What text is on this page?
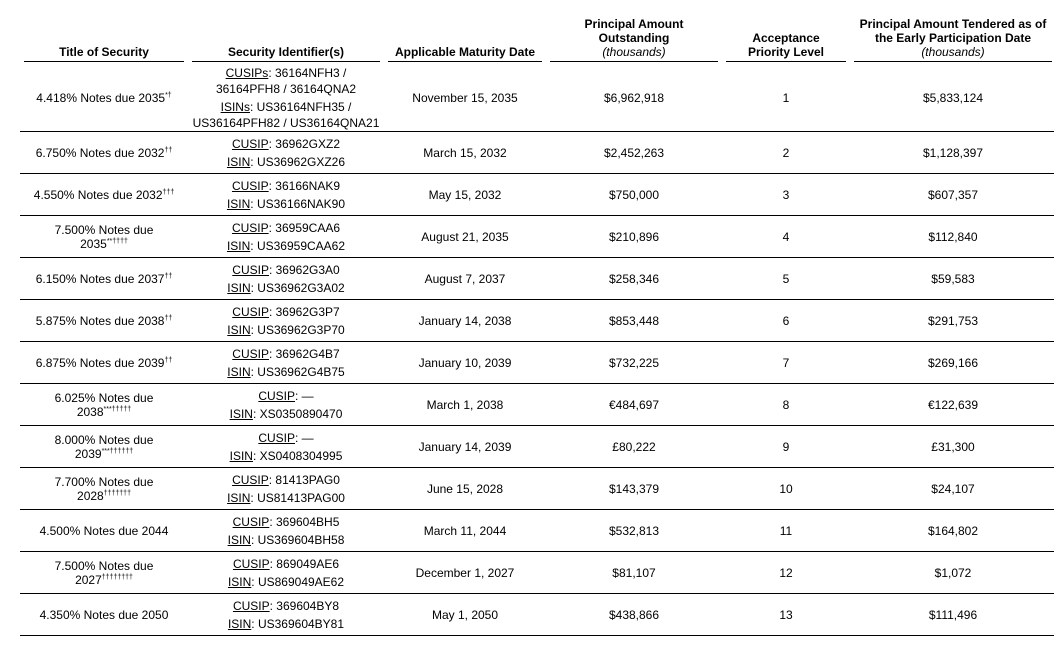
Title of Security	Security Identifier(s)	Applicable Maturity Date	Principal Amount
Outstanding
(thousands)	Acceptance
Priority Level	Principal Amount Tendered as of
the Early Participation Date
(thousands)

4.418% Notes due 2035*†	CUSIPs: 36164NFH3 /
36164PFH8 / 36164QNA2
ISINs: US36164NFH35 /
US36164PFH82 / US36164QNA21	November 15, 2035	$6,962,918	1	$5,833,124
6.750% Notes due 2032††	CUSIP: 36962GXZ2
ISIN: US36962GXZ26	March 15, 2032	$2,452,263	2	$1,128,397
4.550% Notes due 2032†††	CUSIP: 36166NAK9
ISIN: US36166NAK90	May 15, 2032	$750,000	3	$607,357
7.500% Notes due 2035**††††	CUSIP: 36959CAA6
ISIN: US36959CAA62	August 21, 2035	$210,896	4	$112,840
6.150% Notes due 2037††	CUSIP: 36962G3A0
ISIN: US36962G3A02	August 7, 2037	$258,346	5	$59,583
5.875% Notes due 2038††	CUSIP: 36962G3P7
ISIN: US36962G3P70	January 14, 2038	$853,448	6	$291,753
6.875% Notes due 2039††	CUSIP: 36962G4B7
ISIN: US36962G4B75	January 10, 2039	$732,225	7	$269,166
6.025% Notes due 2038***†††††	CUSIP: —
ISIN: XS0350890470	March 1, 2038	€484,697	8	€122,639
8.000% Notes due 2039***††††††	CUSIP: —
ISIN: XS0408304995	January 14, 2039	£80,222	9	£31,300
7.700% Notes due 2028†††††††	CUSIP: 81413PAG0
ISIN: US81413PAG00	June 15, 2028	$143,379	10	$24,107
4.500% Notes due 2044	CUSIP: 369604BH5
ISIN: US369604BH58	March 11, 2044	$532,813	11	$164,802
7.500% Notes due 2027††††††††	CUSIP: 869049AE6
ISIN: US869049AE62	December 1, 2027	$81,107	12	$1,072
4.350% Notes due 2050	CUSIP: 369604BY8
ISIN: US369604BY81	May 1, 2050	$438,866	13	$111,496
